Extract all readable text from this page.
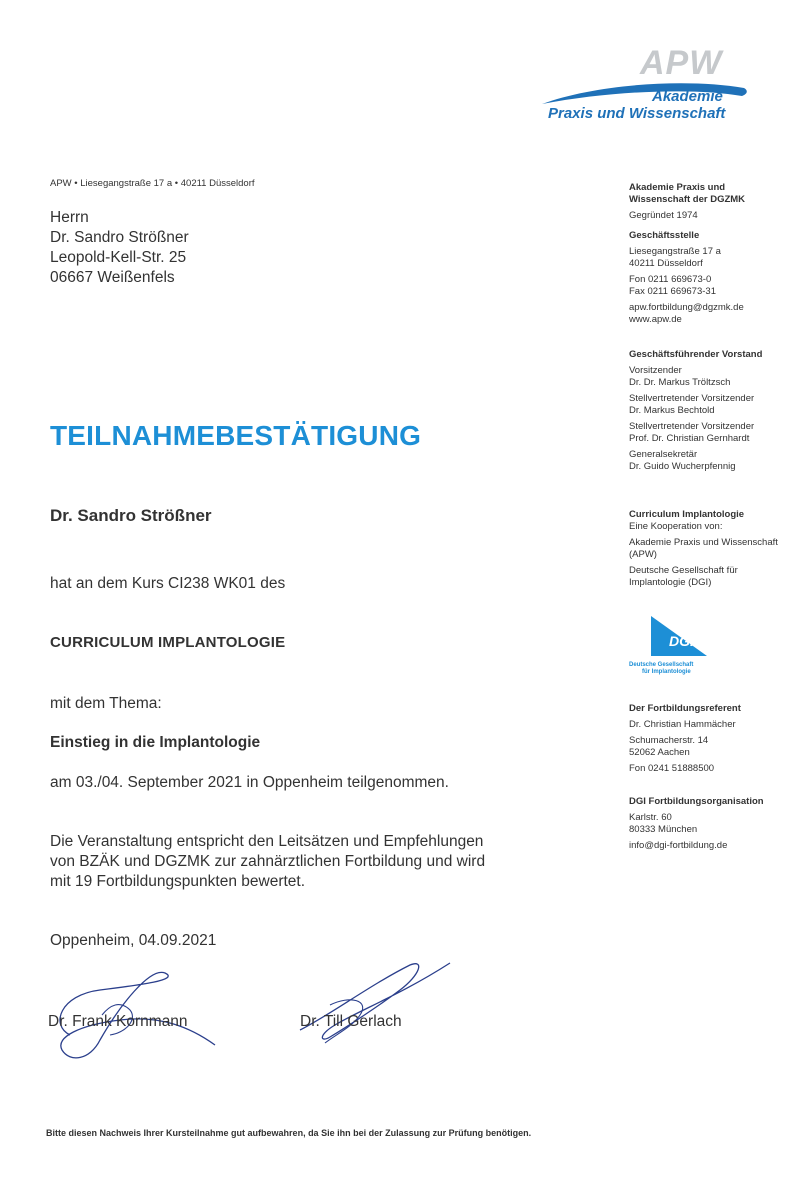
APW
Akademie
Praxis und Wissenschaft
APW • Liesegangstraße 17 a • 40211 Düsseldorf
Herrn
Dr. Sandro Strößner
Leopold-Kell-Str. 25
06667 Weißenfels
TEILNAHMEBESTÄTIGUNG
Dr. Sandro Strößner
hat an dem Kurs CI238 WK01 des
CURRICULUM IMPLANTOLOGIE
mit dem Thema:
Einstieg in die Implantologie
am 03./04. September 2021 in Oppenheim teilgenommen.
Die Veranstaltung entspricht den Leitsätzen und Empfehlungen
von BZÄK und DGZMK zur zahnärztlichen Fortbildung und wird
mit 19 Fortbildungspunkten bewertet.
Oppenheim, 04.09.2021
Dr. Frank Kornmann	Dr. Till Gerlach
Bitte diesen Nachweis Ihrer Kursteilnahme gut aufbewahren, da Sie ihn bei der Zulassung zur Prüfung benötigen.
Akademie Praxis und
Wissenschaft der DGZMK
Gegründet 1974
Geschäftsstelle
Liesegangstraße 17 a
40211 Düsseldorf
Fon 0211 669673-0
Fax 0211 669673-31
apw.fortbildung@dgzmk.de
www.apw.de
Geschäftsführender Vorstand
Vorsitzender
Dr. Dr. Markus Tröltzsch
Stellvertretender Vorsitzender
Dr. Markus Bechtold
Stellvertretender Vorsitzender
Prof. Dr. Christian Gernhardt
Generalsekretär
Dr. Guido Wucherpfennig
Curriculum Implantologie
Eine Kooperation von:
Akademie Praxis und Wissenschaft
(APW)
Deutsche Gesellschaft für
Implantologie (DGI)
Der Fortbildungsreferent
Dr. Christian Hammächer
Schumacherstr. 14
52062 Aachen
Fon 0241 51888500
DGI Fortbildungsorganisation
Karlstr. 60
80333 München
info@dgi-fortbildung.de
DGI
Deutsche Gesellschaft
für Implantologie
